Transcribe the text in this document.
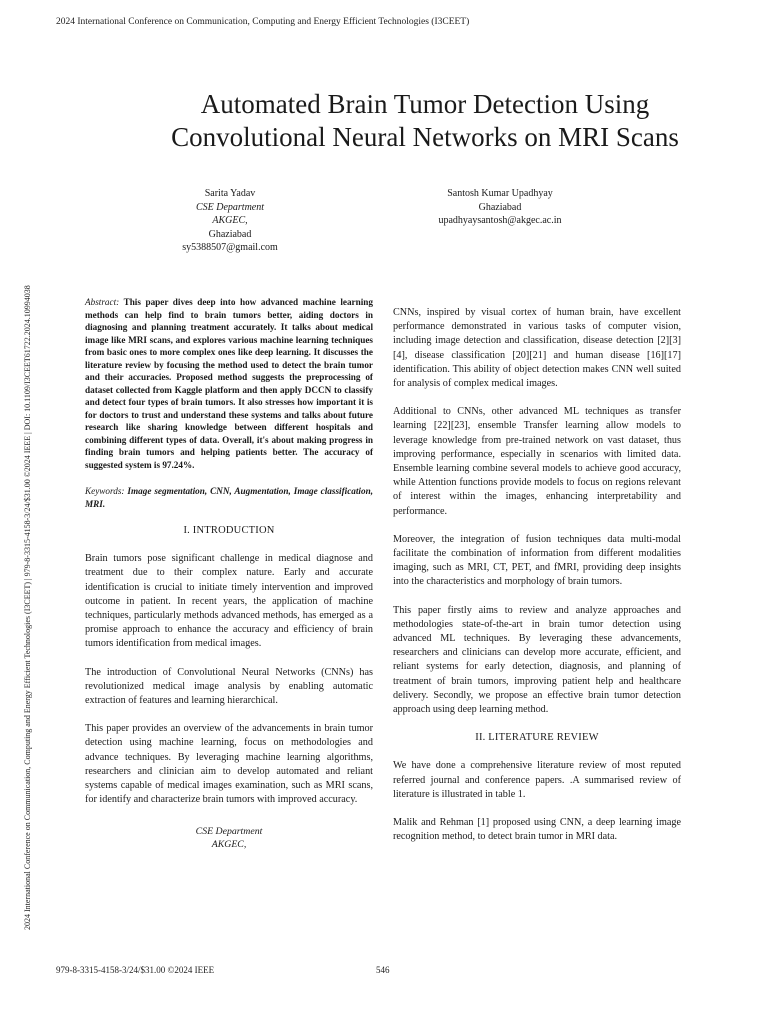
2024 International Conference on Communication, Computing and Energy Efficient Technologies (I3CEET)
2024 International Conference on Communication, Computing and Energy Efficient Technologies (I3CEET) | 979-8-3315-4158-3/24/$31.00 ©2024 IEEE | DOI: 10.1109/I3CEET61722.2024.10994038
Automated Brain Tumor Detection Using
Convolutional Neural Networks on MRI Scans
Sarita Yadav
CSE Department
AKGEC,
Ghaziabad
sy5388507@gmail.com
Santosh Kumar Upadhyay
Ghaziabad
upadhyaysantosh@akgec.ac.in

Abstract: This paper dives deep into how advanced machine learning methods can help find to brain tumors better, aiding doctors in diagnosing and planning treatment accurately. It talks about medical image like MRI scans, and explores various machine learning techniques from basic ones to more complex ones like deep learning. It discusses the literature review by focusing the method used to detect the brain tumor and their accuracies. Proposed method suggests the preprocessing of dataset collected from Kaggle platform and then apply DCCN to classify and detect four types of brain tumors. It also stresses how important it is for doctors to trust and understand these systems and talks about future research like sharing knowledge between different hospitals and combining different types of data. Overall, it's about making progress in finding brain tumors and helping patients better. The accuracy of suggested system is 97.24%.

Keywords: Image segmentation, CNN, Augmentation, Image classification, MRI.

I. INTRODUCTION

Brain tumors pose significant challenge in medical diagnose and treatment due to their complex nature. Early and accurate identification is crucial to initiate timely intervention and improved outcome in patient. In recent years, the application of machine techniques, particularly methods advanced methods, has emerged as a promise approach to enhance the accuracy and efficiency of brain tumors identification from medical images.

The introduction of Convolutional Neural Networks (CNNs) has revolutionized medical image analysis by enabling automatic extraction of features and learning hierarchical.

This paper provides an overview of the advancements in brain tumor detection using machine learning, focus on methodologies and advance techniques. By leveraging machine learning algorithms, researchers and clinician aim to develop automated and reliant systems capable of medical images examination, such as MRI scans, for identify and characterize brain tumors with improved accuracy.

CSE Department
AKGEC,

CNNs, inspired by visual cortex of human brain, have excellent performance demonstrated in various tasks of computer vision, including image detection and classification, disease detection [2][3][4], disease classification [20][21] and human disease [16][17] identification. This ability of object detection makes CNN well suited for analysis of complex medical images.

Additional to CNNs, other advanced ML techniques as transfer learning [22][23], ensemble Transfer learning allow models to leverage knowledge from pre-trained network on vast dataset, thus improving performance, especially in scenarios with limited data. Ensemble learning combine several models to achieve good accuracy, while Attention functions provide models to focus on regions relevant of interest within the images, enhancing interpretability and performance.

Moreover, the integration of fusion techniques data multi-modal facilitate the combination of information from different modalities imaging, such as MRI, CT, PET, and fMRI, providing deep insights into the characteristics and morphology of brain tumors.

This paper firstly aims to review and analyze approaches and methodologies state-of-the-art in brain tumor detection using advanced ML techniques. By leveraging these advancements, researchers and clinicians can develop more accurate, efficient, and reliant systems for early detection, diagnosis, and planning of treatment of brain tumors, improving patient help and healthcare delivery. Secondly, we propose an effective brain tumor detection approach using deep learning method.

II. LITERATURE REVIEW

We have done a comprehensive literature review of most reputed referred journal and conference papers. .A summarised review of literature is illustrated in table 1.

Malik and Rehman [1] proposed using CNN, a deep learning image recognition method, to detect brain tumor in MRI data.

979-8-3315-4158-3/24/$31.00 ©2024 IEEE	546
